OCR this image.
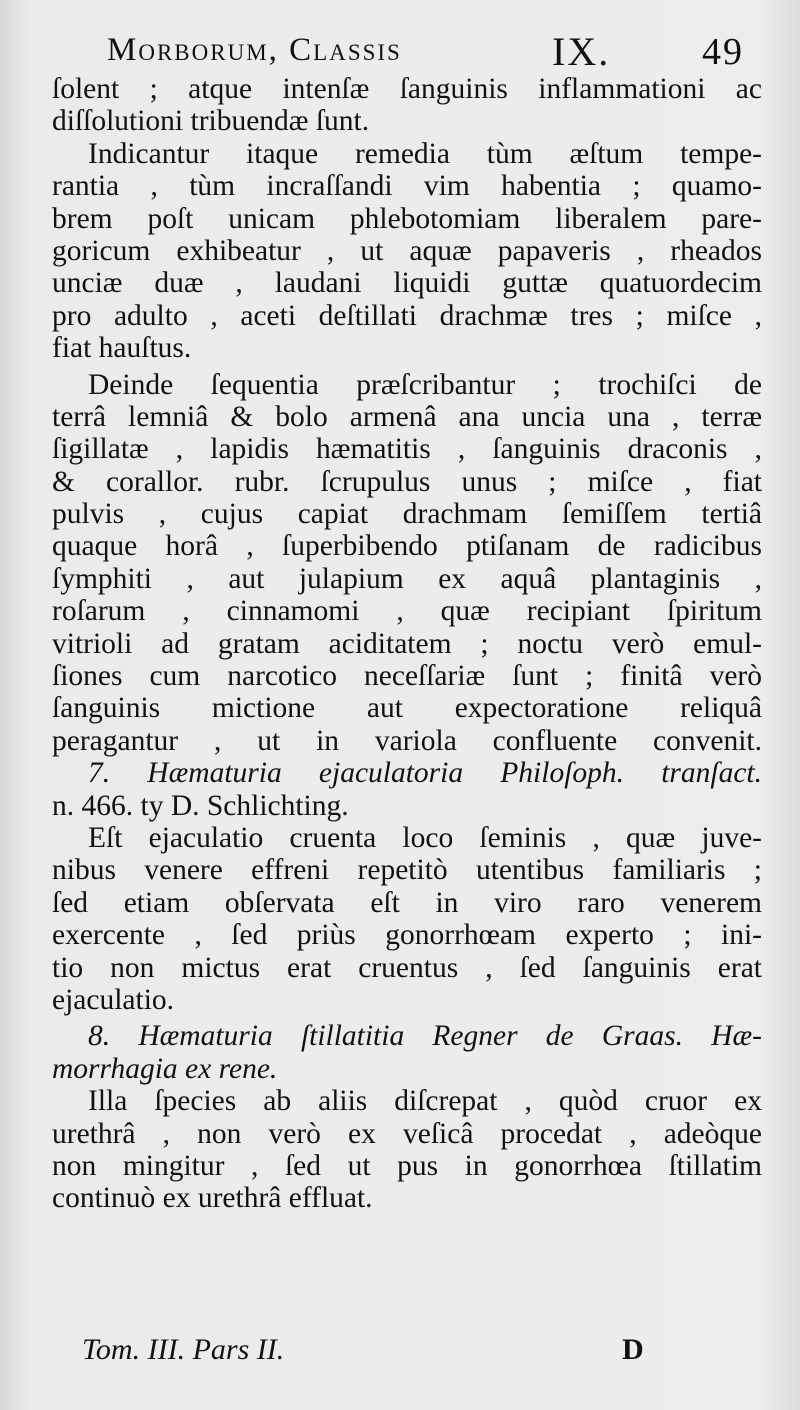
Morborum, Classis	IX. 49
ſolent ; atque intenſæ ſanguinis inflammationi ac
diſſolutioni tribuendæ ſunt.
Indicantur itaque remedia tùm æſtum tempe-
rantia , tùm incraſſandi vim habentia ; quamo-
brem poſt unicam phlebotomiam liberalem pare-
goricum exhibeatur , ut aquæ papaveris , rheados
unciæ duæ , laudani liquidi guttæ quatuordecim
pro adulto , aceti deſtillati drachmæ tres ; miſce ,
fiat hauſtus.
Deinde ſequentia præſcribantur ; trochiſci de
terrâ lemniâ & bolo armenâ ana uncia una , terræ
ſigillatæ , lapidis hæmatitis , ſanguinis draconis ,
& corallor. rubr. ſcrupulus unus ; miſce , fiat
pulvis , cujus capiat drachmam ſemiſſem tertiâ
quaque horâ , ſuperbibendo ptiſanam de radicibus
ſymphiti , aut julapium ex aquâ plantaginis ,
roſarum , cinnamomi , quæ recipiant ſpiritum
vitrioli ad gratam aciditatem ; noctu verò emul-
ſiones cum narcotico neceſſariæ ſunt ; finitâ verò
ſanguinis mictione aut expectoratione reliquâ
peragantur , ut in variola confluente convenit.
7. Hæmaturia ejaculatoria Philoſoph. tranſact.
n. 466. ty D. Schlichting.
Eſt ejaculatio cruenta loco ſeminis , quæ juve-
nibus venere effreni repetitò utentibus familiaris ;
ſed etiam obſervata eſt in viro raro venerem
exercente , ſed priùs gonorrhœam experto ; ini-
tio non mictus erat cruentus , ſed ſanguinis erat
ejaculatio.
8. Hæmaturia ſtillatitia Regner de Graas. Hæ-
morrhagia ex rene.
Illa ſpecies ab aliis diſcrepat , quòd cruor ex
urethrâ , non verò ex veſicâ procedat , adeòque
non mingitur , ſed ut pus in gonorrhœa ſtillatim
continuò ex urethrâ effluat.
Tom. III. Pars II.	D
